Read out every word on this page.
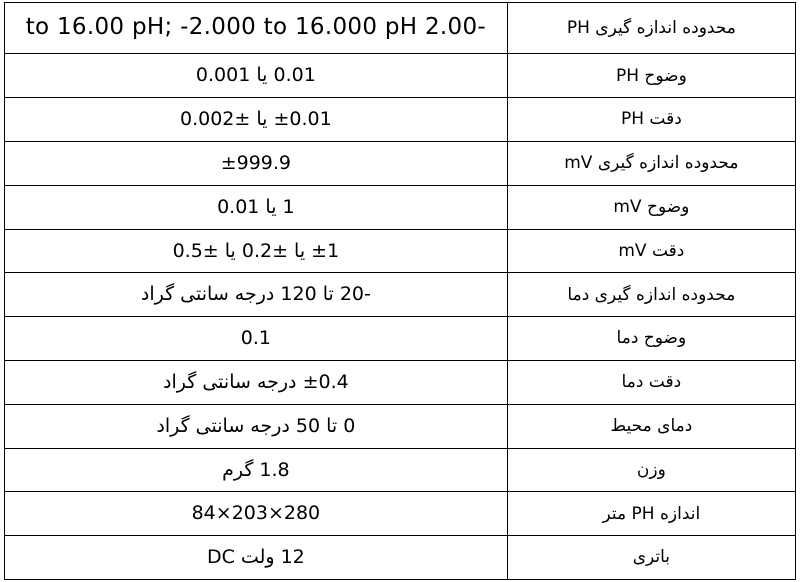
محدوده اندازه گیری PH	-2.00 to 16.00 pH; -2.000 to 16.000 pH
وضوح PH	0.01 یا 0.001
دقت PH	±0.01 یا ±0.002
محدوده اندازه گیری mV	±999.9
وضوح mV	1 یا 0.01
دقت mV	±1 یا ±0.2 یا ±0.5
محدوده اندازه گیری دما	-20 تا 120 درجه سانتی گراد
وضوح دما	0.1
دقت دما	±0.4 درجه سانتی گراد
دمای محیط	0 تا 50 درجه سانتی گراد
وزن	1.8 گرم
اندازه PH متر	280×203×84
باتری	12 ولت DC
